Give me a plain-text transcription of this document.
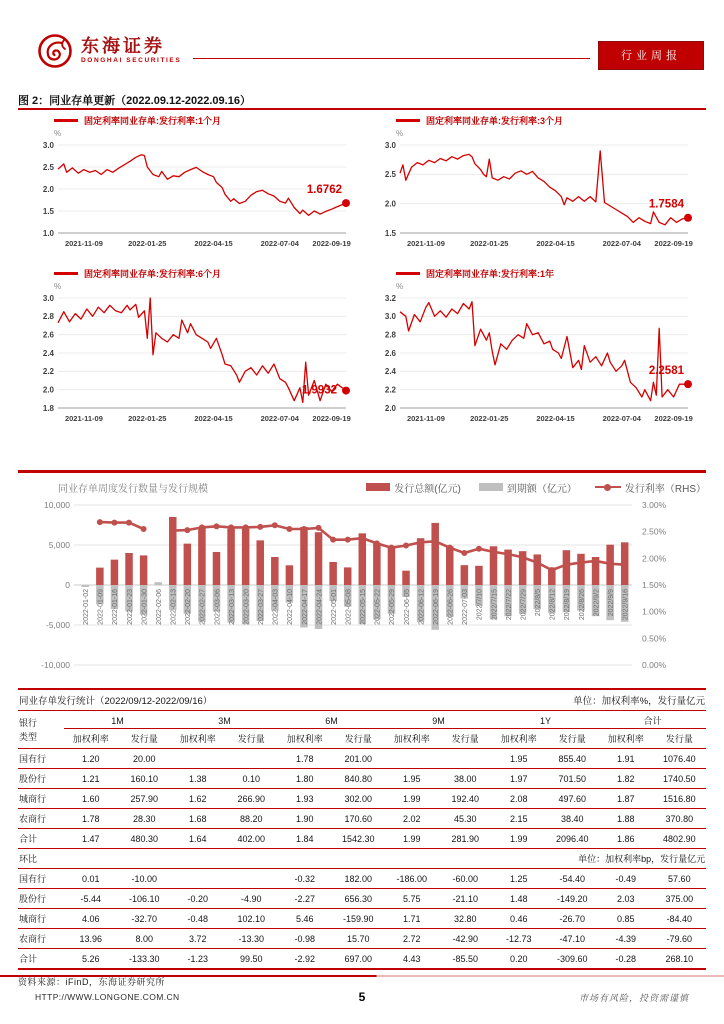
东海证券
DONGHAI SECURITIES	行业周报
图 2：同业存单更新（2022.09.12-2022.09.16）
固定利率同业存单:发行利率:1个月
%
3.0
2.5
2.0
1.5
1.0
2021-11-09	2022-01-25	2022-04-15	2022-07-04 2022-09-19
1.6762
固定利率同业存单:发行利率:3个月
%
3.0
2.5
2.0
1.5
2021-11-09	2022-01-25	2022-04-15	2022-07-04 2022-09-19
1.7584
固定利率同业存单:发行利率:6个月
%
3.0
2.8
2.6
2.4
2.2
2.0
1.8
2021-11-09	2022-01-25	2022-04-15	2022-07-04 2022-09-19
1.9932
固定利率同业存单:发行利率:1年
%
3.2
3.0
2.8
2.6
2.4
2.2
2.0
2021-11-09	2022-01-25	2022-04-15	2022-07-04 2022-09-19
2.2581
同业存单周度发行数量与发行规模	发行总额(亿元)	到期额（亿元）	发行利率（RHS）
10,000
5,000
0
-5,000
-10,000
3.00%
2.50%
2.00%
1.50%
1.00%
0.50%
0.00%
2022-01-02 2022-01-09 2022-01-16 2022-01-23 2022-01-30 2022-02-06 2022-02-13 2022-02-20 2022-02-27 2022-03-06 2022-03-13 2022-03-20 2022-03-27 2022-04-03 2022-04-10 2022-04-17 2022-04-24 2022-05-01 2022-05-08 2022-05-15 2022-05-22 2022-05-29 2022-06-05 2022-06-12 2022-06-19 2022-06-26 2022-07-03 2022/7/10 2022/7/15 2022/7/22 2022/7/29 2022/8/5 2022/8/12 2022/8/19 2022/8/26 2022/9/2 2022/9/9 2022/9/16
同业存单发行统计（2022/09/12-2022/09/16）							单位：加权利率%，发行量亿元					
银行
类型	1M		3M		6M		9M		1Y		合计	
	加权利率	发行量	加权利率	发行量	加权利率	发行量	加权利率	发行量	加权利率	发行量	加权利率	发行量
国有行	1.20	20.00			1.78	201.00			1.95	855.40	1.91	1076.40
股份行	1.21	160.10	1.38	0.10	1.80	840.80	1.95	38.00	1.97	701.50	1.82	1740.50
城商行	1.60	257.90	1.62	266.90	1.93	302.00	1.99	192.40	2.08	497.60	1.87	1516.80
农商行	1.78	28.30	1.68	88.20	1.90	170.60	2.02	45.30	2.15	38.40	1.88	370.80
合计	1.47	480.30	1.64	402.00	1.84	1542.30	1.99	281.90	1.99	2096.40	1.86	4802.90
环比			单位：加权利率bp，发行量亿元									
国有行	0.01	-10.00			-0.32	182.00	-186.00	-60.00	1.25	-54.40	-0.49	57.60
股份行	-5.44	-106.10	-0.20	-4.90	-2.27	656.30	5.75	-21.10	1.48	-149.20	2.03	375.00
城商行	4.06	-32.70	-0.48	102.10	5.46	-159.90	1.71	32.80	0.46	-26.70	0.85	-84.40
农商行	13.96	8.00	3.72	-13.30	-0.98	15.70	2.72	-42.90	-12.73	-47.10	-4.39	-79.60
合计	5.26	-133.30	-1.23	99.50	-2.92	697.00	4.43	-85.50	0.20	-309.60	-0.28	268.10
资料来源：iFinD，东海证券研究所
HTTP://WWW.LONGONE.COM.CN	5	市场有风险，投资需谨慎
